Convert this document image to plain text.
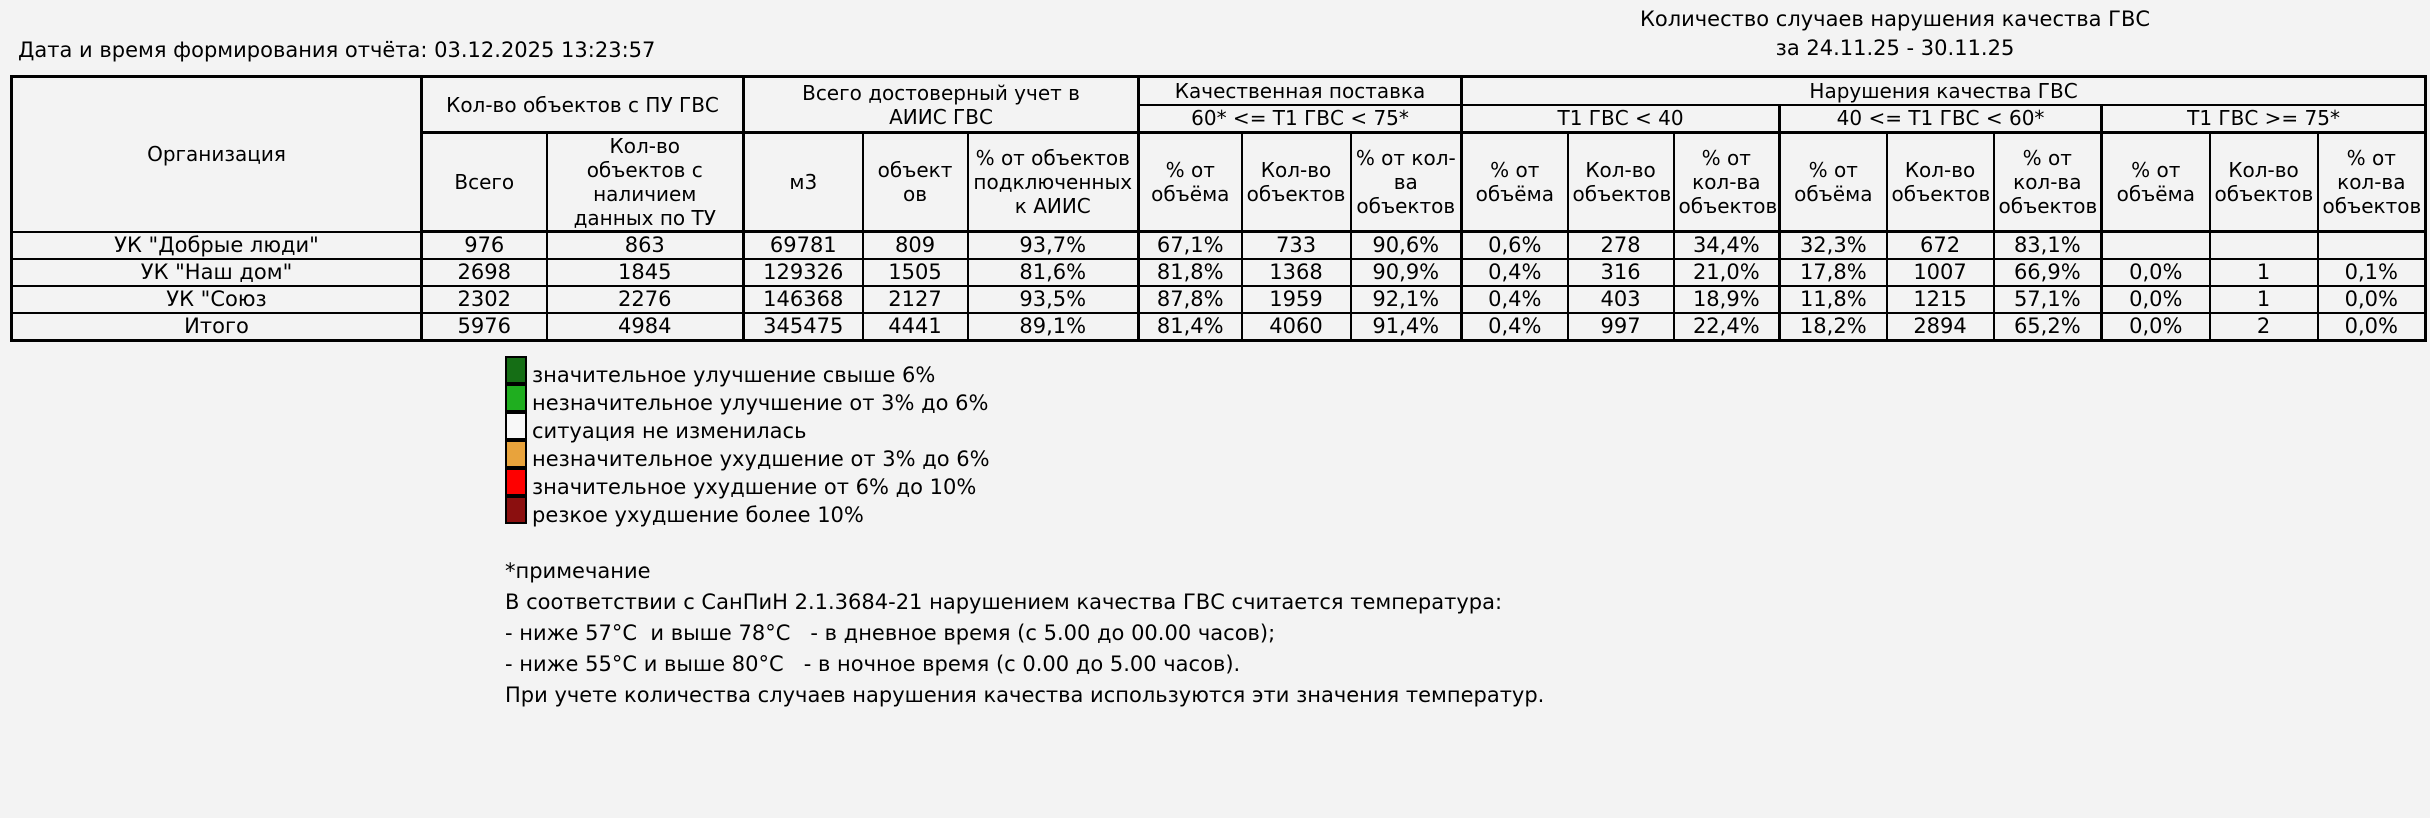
Дата и время формирования отчёта: 03.12.2025 13:23:57
Количество случаев нарушения качества ГВС
за 24.11.25 - 30.11.25
Организация	Кол-во объектов с ПУ ГВС		Всего достоверный учет в АИИС ГВС			Качественная поставка			Нарушения качества ГВС								
						60* <= Т1 ГВС < 75*			Т1 ГВС < 40			40 <= Т1 ГВС < 60*			Т1 ГВС >= 75*		
	Всего	Кол-во объектов с наличием данных по ТУ	м3	объектов	% от объектов подключенных к АИИС	% от объёма	Кол-во объектов	% от кол-ва объектов	% от объёма	Кол-во объектов	% от кол-ва объектов	% от объёма	Кол-во объектов	% от кол-ва объектов	% от объёма	Кол-во объектов	% от кол-ва объектов
УК "Добрые люди"	976	863	69781	809	93,7%	67,1%	733	90,6%	0,6%	278	34,4%	32,3%	672	83,1%			
УК "Наш дом"	2698	1845	129326	1505	81,6%	81,8%	1368	90,9%	0,4%	316	21,0%	17,8%	1007	66,9%	0,0%	1	0,1%
УК "Союз	2302	2276	146368	2127	93,5%	87,8%	1959	92,1%	0,4%	403	18,9%	11,8%	1215	57,1%	0,0%	1	0,0%
Итого	5976	4984	345475	4441	89,1%	81,4%	4060	91,4%	0,4%	997	22,4%	18,2%	2894	65,2%	0,0%	2	0,0%
значительное улучшение свыше 6%
незначительное улучшение от 3% до 6%
ситуация не изменилась
незначительное ухудшение от 3% до 6%
значительное ухудшение от 6% до 10%
резкое ухудшение более 10%
*примечание
В соответствии с СанПиН 2.1.3684-21 нарушением качества ГВС считается температура:
- ниже 57°С  и выше 78°С   - в дневное время (с 5.00 до 00.00 часов);
- ниже 55°С и выше 80°С   - в ночное время (с 0.00 до 5.00 часов).
При учете количества случаев нарушения качества используются эти значения температур.
